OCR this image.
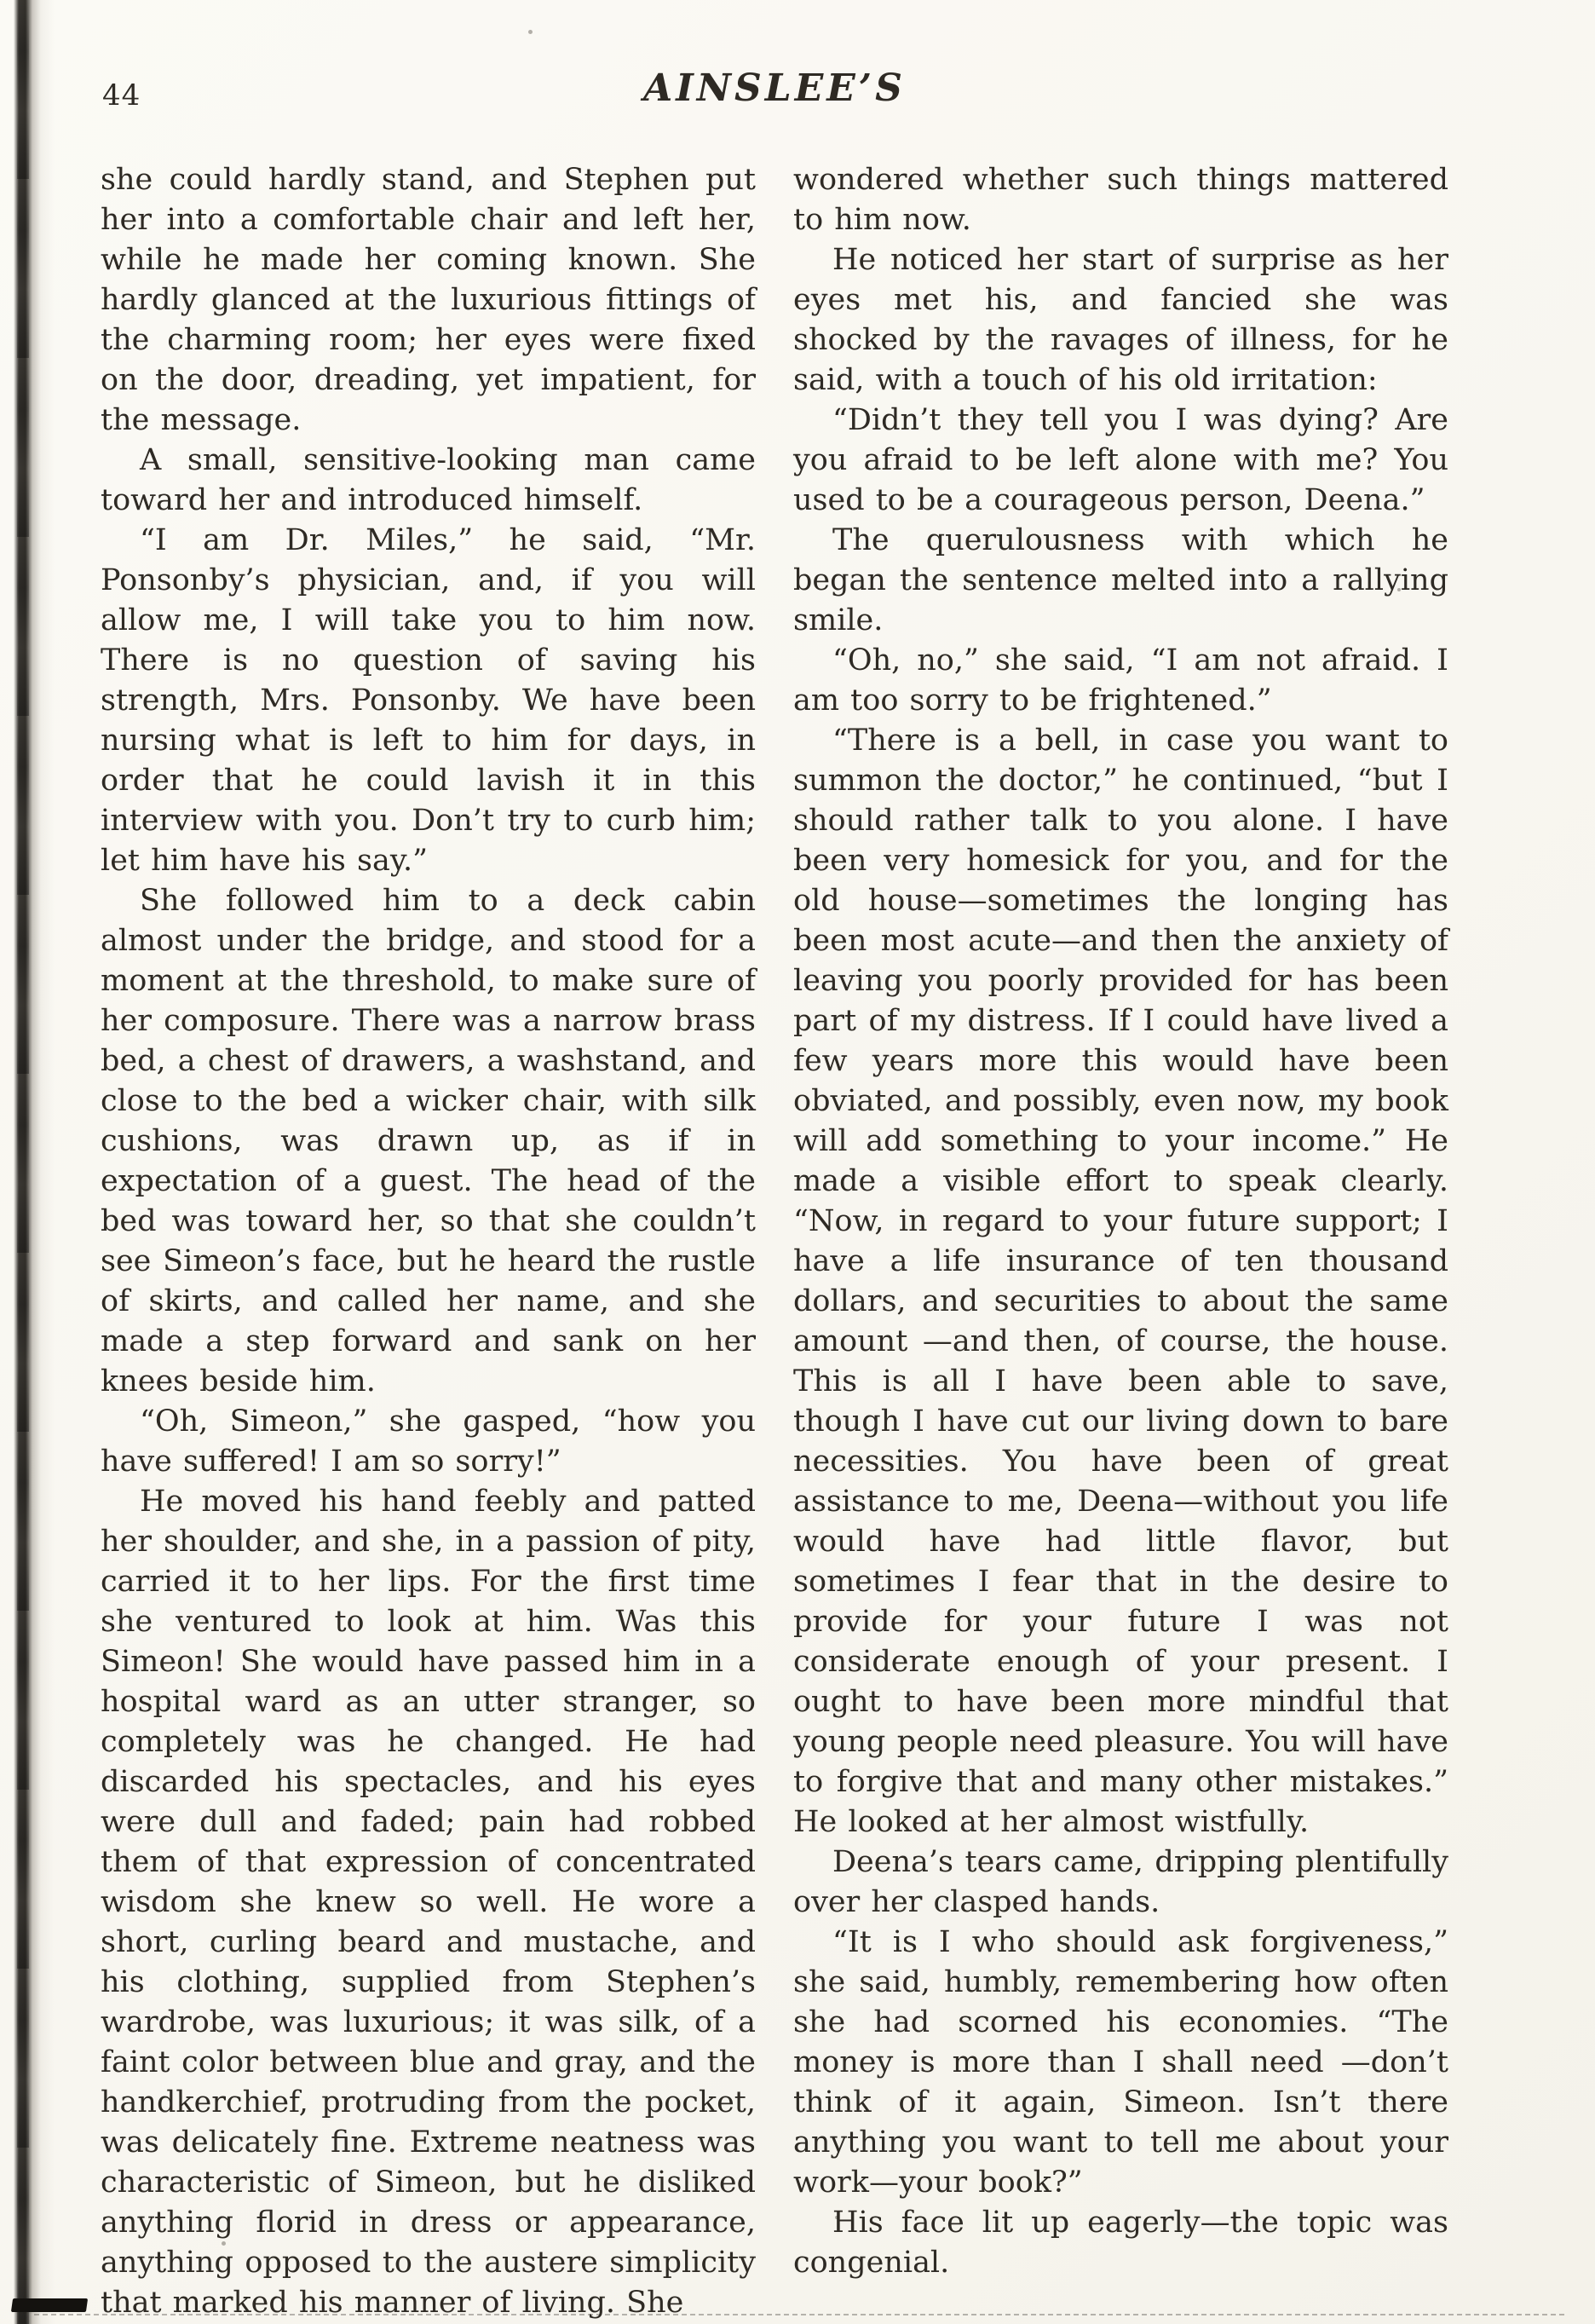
44	AINSLEE’S

she could hardly stand, and Stephen put her into a comfortable chair and left her, while he made her coming known. She hardly glanced at the luxurious fittings of the charming room; her eyes were fixed on the door, dreading, yet impatient, for the message.

A small, sensitive-looking man came toward her and introduced himself.

“I am Dr. Miles,” he said, “Mr. Ponsonby’s physician, and, if you will allow me, I will take you to him now. There is no question of saving his strength, Mrs. Ponsonby. We have been nursing what is left to him for days, in order that he could lavish it in this interview with you. Don’t try to curb him; let him have his say.”

She followed him to a deck cabin almost under the bridge, and stood for a moment at the threshold, to make sure of her composure. There was a narrow brass bed, a chest of drawers, a washstand, and close to the bed a wicker chair, with silk cushions, was drawn up, as if in expectation of a guest. The head of the bed was toward her, so that she couldn’t see Simeon’s face, but he heard the rustle of skirts, and called her name, and she made a step forward and sank on her knees beside him.

“Oh, Simeon,” she gasped, “how you have suffered! I am so sorry!”

He moved his hand feebly and patted her shoulder, and she, in a passion of pity, carried it to her lips. For the first time she ventured to look at him. Was this Simeon! She would have passed him in a hospital ward as an utter stranger, so completely was he changed. He had discarded his spectacles, and his eyes were dull and faded; pain had robbed them of that expression of concentrated wisdom she knew so well. He wore a short, curling beard and mustache, and his clothing, supplied from Stephen’s wardrobe, was luxurious; it was silk, of a faint color between blue and gray, and the handkerchief, protruding from the pocket, was delicately fine. Extreme neatness was characteristic of Simeon, but he disliked anything florid in dress or appearance, anything opposed to the austere simplicity that marked his manner of living. She

wondered whether such things mattered to him now.

He noticed her start of surprise as her eyes met his, and fancied she was shocked by the ravages of illness, for he said, with a touch of his old irritation:

“Didn’t they tell you I was dying? Are you afraid to be left alone with me? You used to be a courageous person, Deena.”

The querulousness with which he began the sentence melted into a rallying smile.

“Oh, no,” she said, “I am not afraid. I am too sorry to be frightened.”

“There is a bell, in case you want to summon the doctor,” he continued, “but I should rather talk to you alone. I have been very homesick for you, and for the old house—sometimes the longing has been most acute—and then the anxiety of leaving you poorly provided for has been part of my distress. If I could have lived a few years more this would have been obviated, and possibly, even now, my book will add something to your income.” He made a visible effort to speak clearly. “Now, in regard to your future support; I have a life insurance of ten thousand dollars, and securities to about the same amount —and then, of course, the house. This is all I have been able to save, though I have cut our living down to bare necessities. You have been of great assistance to me, Deena—without you life would have had little flavor, but sometimes I fear that in the desire to provide for your future I was not considerate enough of your present. I ought to have been more mindful that young people need pleasure. You will have to forgive that and many other mistakes.” He looked at her almost wistfully.

Deena’s tears came, dripping plentifully over her clasped hands.

“It is I who should ask forgiveness,” she said, humbly, remembering how often she had scorned his economies. “The money is more than I shall need —don’t think of it again, Simeon. Isn’t there anything you want to tell me about your work—your book?”

His face lit up eagerly—the topic was congenial.
